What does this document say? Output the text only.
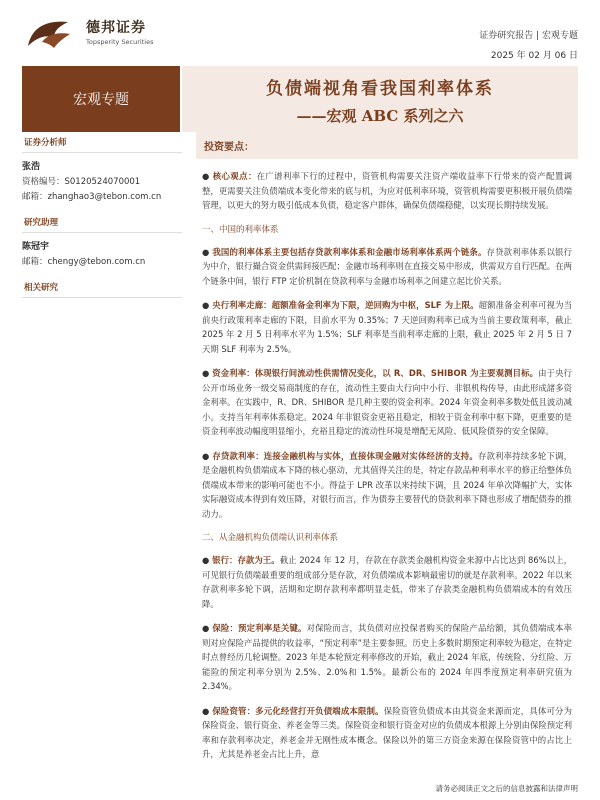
德邦证券
Topsperity Securities
证券研究报告 | 宏观专题
2025 年 02 月 06 日
宏观专题
负债端视角看我国利率体系
——宏观 ABC 系列之六
证券分析师
张浩
资格编号：S0120524070001
邮箱：zhanghao3@tebon.com.cn
研究助理
陈冠宇
邮箱：chengy@tebon.com.cn
相关研究
投资要点：

● 核心观点：在广谱利率下行的过程中，资管机构需要关注资产端收益率下行带来的资产配置调整，更需要关注负债端成本变化带来的底与机，为应对低利率环境，资管机构需要更积极开展负债端管理，以更大的努力吸引低成本负债，稳定客户群体，确保负债端稳健，以实现长期持续发展。

一、中国的利率体系

● 我国的利率体系主要包括存贷款利率体系和金融市场利率体系两个链条。存贷款利率体系以银行为中介，银行撮合资金供需间接匹配；金融市场利率则在直接交易中形成，供需双方自行匹配。在两个链条中间，银行 FTP 定价机制在贷款利率与金融市场利率之间建立起比价关系。

● 央行利率走廊：超额准备金利率为下限，逆回购为中枢，SLF 为上限。超额准备金利率可视为当前央行政策利率走廊的下限，目前水平为 0.35%；7 天逆回购利率已成为当前主要政策利率，截止 2025 年 2 月 5 日利率水平为 1.5%；SLF 利率是当前利率走廊的上限，截止 2025 年 2 月 5 日 7 天期 SLF 利率为 2.5%。

● 资金利率：体现银行间流动性供需情况变化，以 R、DR、SHIBOR 为主要观测目标。由于央行公开市场业务一级交易商制度的存在，流动性主要由大行向中小行、非银机构传导，由此形成諸多资金利率。在实践中，R、DR、SHIBOR 是几种主要的资金利率。2024 年资金利率多数处低且波动减小。支持当年利率体系稳定。2024 年非银资金更裕且稳定，相较于资金利率中枢下降，更重要的是资金利率波动幅度明显缩小，充裕且稳定的流动性环境是增配无风险、低风险债券的安全保障。

● 存贷款利率：连接金融机构与实体，直接体现金融对实体经济的支持。存款利率持续多轮下调，是金融机构负债端成本下降的核心驱动，尤其值得关注的是，特定存款品种利率水平的修正给整体负债端成本带来的影响可能也不小。得益于 LPR 改革以来持续下调，且 2024 年单次降幅扩大，实体实际融资成本得到有效压降，对银行而言，作为债券主要替代的贷款利率下降也形成了增配债券的推动力。

二、从金融机构负债端认识利率体系

● 银行：存款为王。截止 2024 年 12 月，存款在存款类金融机构资金来源中占比达到 86%以上，可见银行负债端最重要的组成部分是存款，对负债端成本影响最密切的就是存款利率。2022 年以来存款利率多轮下调，活期和定期存款利率都明显走低，带来了存款类金融机构负债端成本的有效压降。

● 保险：预定利率是关键。对保险而言，其负债对应投保者购买的保险产品给额，其负债端成本率则对应保险产品提供的收益率，“预定利率”是主要参照。历史上多数时期预定利率较为稳定，在特定时点曾经历几轮调整。2023 年是本轮预定利率修改的开始，截止 2024 年底，传统险、分红险、万能险的预定利率分别为 2.5%、2.0%和 1.5%。最新公布的 2024 年四季度预定利率研究值为 2.34%。

● 保险资管：多元化经营打开负债端成本限制。保险资管负债成本由其资金来源而定，具体可分为保险资金、银行资金、养老金等三类。保险资金和银行资金对应的负债成本根源上分别由保险预定利率和存款利率决定，养老金并无刚性成本概念。保险以外的第三方资金来源在保险资管中的占比上升，尤其是养老金占比上升，意

请务必阅读正文之后的信息披露和法律声明
